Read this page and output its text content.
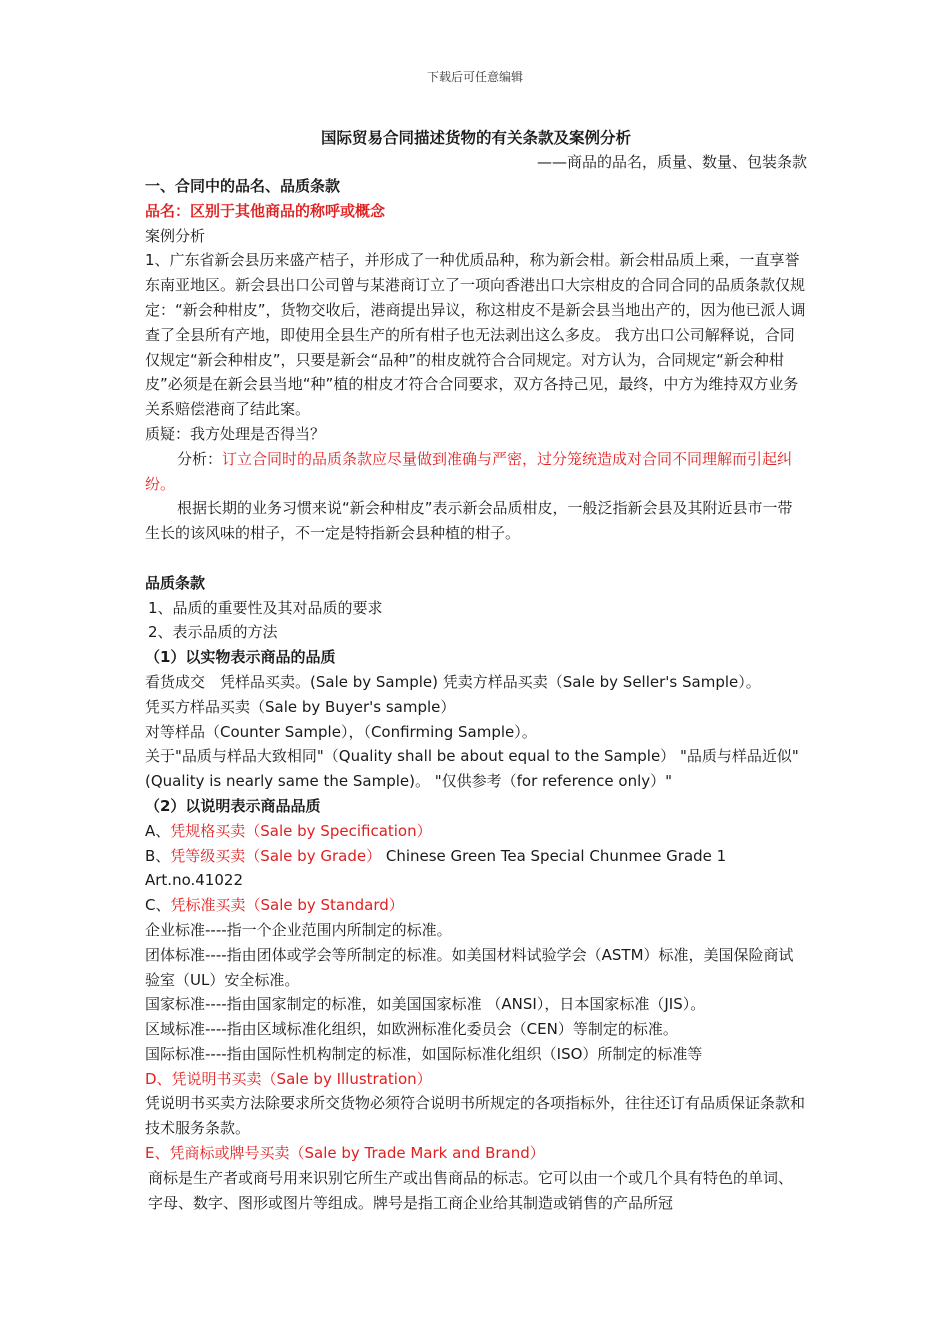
下载后可任意编辑

国际贸易合同描述货物的有关条款及案例分析

——商品的品名，质量、数量、包装条款

一、合同中的品名、品质条款

品名：区别于其他商品的称呼或概念

案例分析

1、广东省新会县历来盛产桔子，并形成了一种优质品种，称为新会柑。新会柑品质上乘，一直享誉东南亚地区。新会县出口公司曾与某港商订立了一项向香港出口大宗柑皮的合同合同的品质条款仅规定：“新会种柑皮”，货物交收后，港商提出异议，称这柑皮不是新会县当地出产的，因为他已派人调查了全县所有产地，即使用全县生产的所有柑子也无法剥出这么多皮。 我方出口公司解释说，合同仅规定“新会种柑皮”，只要是新会“品种”的柑皮就符合合同规定。对方认为，合同规定“新会种柑皮”必须是在新会县当地“种”植的柑皮才符合合同要求，双方各持己见，最终，中方为维持双方业务关系赔偿港商了结此案。

质疑：我方处理是否得当？

分析：订立合同时的品质条款应尽量做到准确与严密，过分笼统造成对合同不同理解而引起纠纷。

根据长期的业务习惯来说“新会种柑皮”表示新会品质柑皮，一般泛指新会县及其附近县市一带生长的该风味的柑子，不一定是特指新会县种植的柑子。

品质条款

1、品质的重要性及其对品质的要求

2、表示品质的方法

（1）以实物表示商品的品质

看货成交　凭样品买卖。(Sale by Sample) 凭卖方样品买卖（Sale by Seller's Sample）。

凭买方样品买卖（Sale by Buyer's sample）

对等样品（Counter Sample），（Confirming Sample）。

关于"品质与样品大致相同"（Quality shall be about equal to the Sample） "品质与样品近似"(Quality is nearly same the Sample)。 "仅供参考（for reference only）"

（2）以说明表示商品品质

A、凭规格买卖（Sale by Specification）

B、凭等级买卖（Sale by Grade） Chinese Green Tea Special Chunmee Grade 1 Art.no.41022

C、凭标准买卖（Sale by Standard）

企业标准----指一个企业范围内所制定的标准。

团体标准----指由团体或学会等所制定的标准。如美国材料试验学会（ASTM）标准，美国保险商试验室（UL）安全标准。

国家标准----指由国家制定的标准，如美国国家标准 （ANSI），日本国家标准（JIS）。

区域标准----指由区域标准化组织，如欧洲标准化委员会（CEN）等制定的标准。

国际标准----指由国际性机构制定的标准，如国际标准化组织（ISO）所制定的标准等

D、凭说明书买卖（Sale by Illustration）

凭说明书买卖方法除要求所交货物必须符合说明书所规定的各项指标外，往往还订有品质保证条款和技术服务条款。

E、凭商标或牌号买卖（Sale by Trade Mark and Brand）

商标是生产者或商号用来识别它所生产或出售商品的标志。它可以由一个或几个具有特色的单词、字母、数字、图形或图片等组成。牌号是指工商企业给其制造或销售的产品所冠
